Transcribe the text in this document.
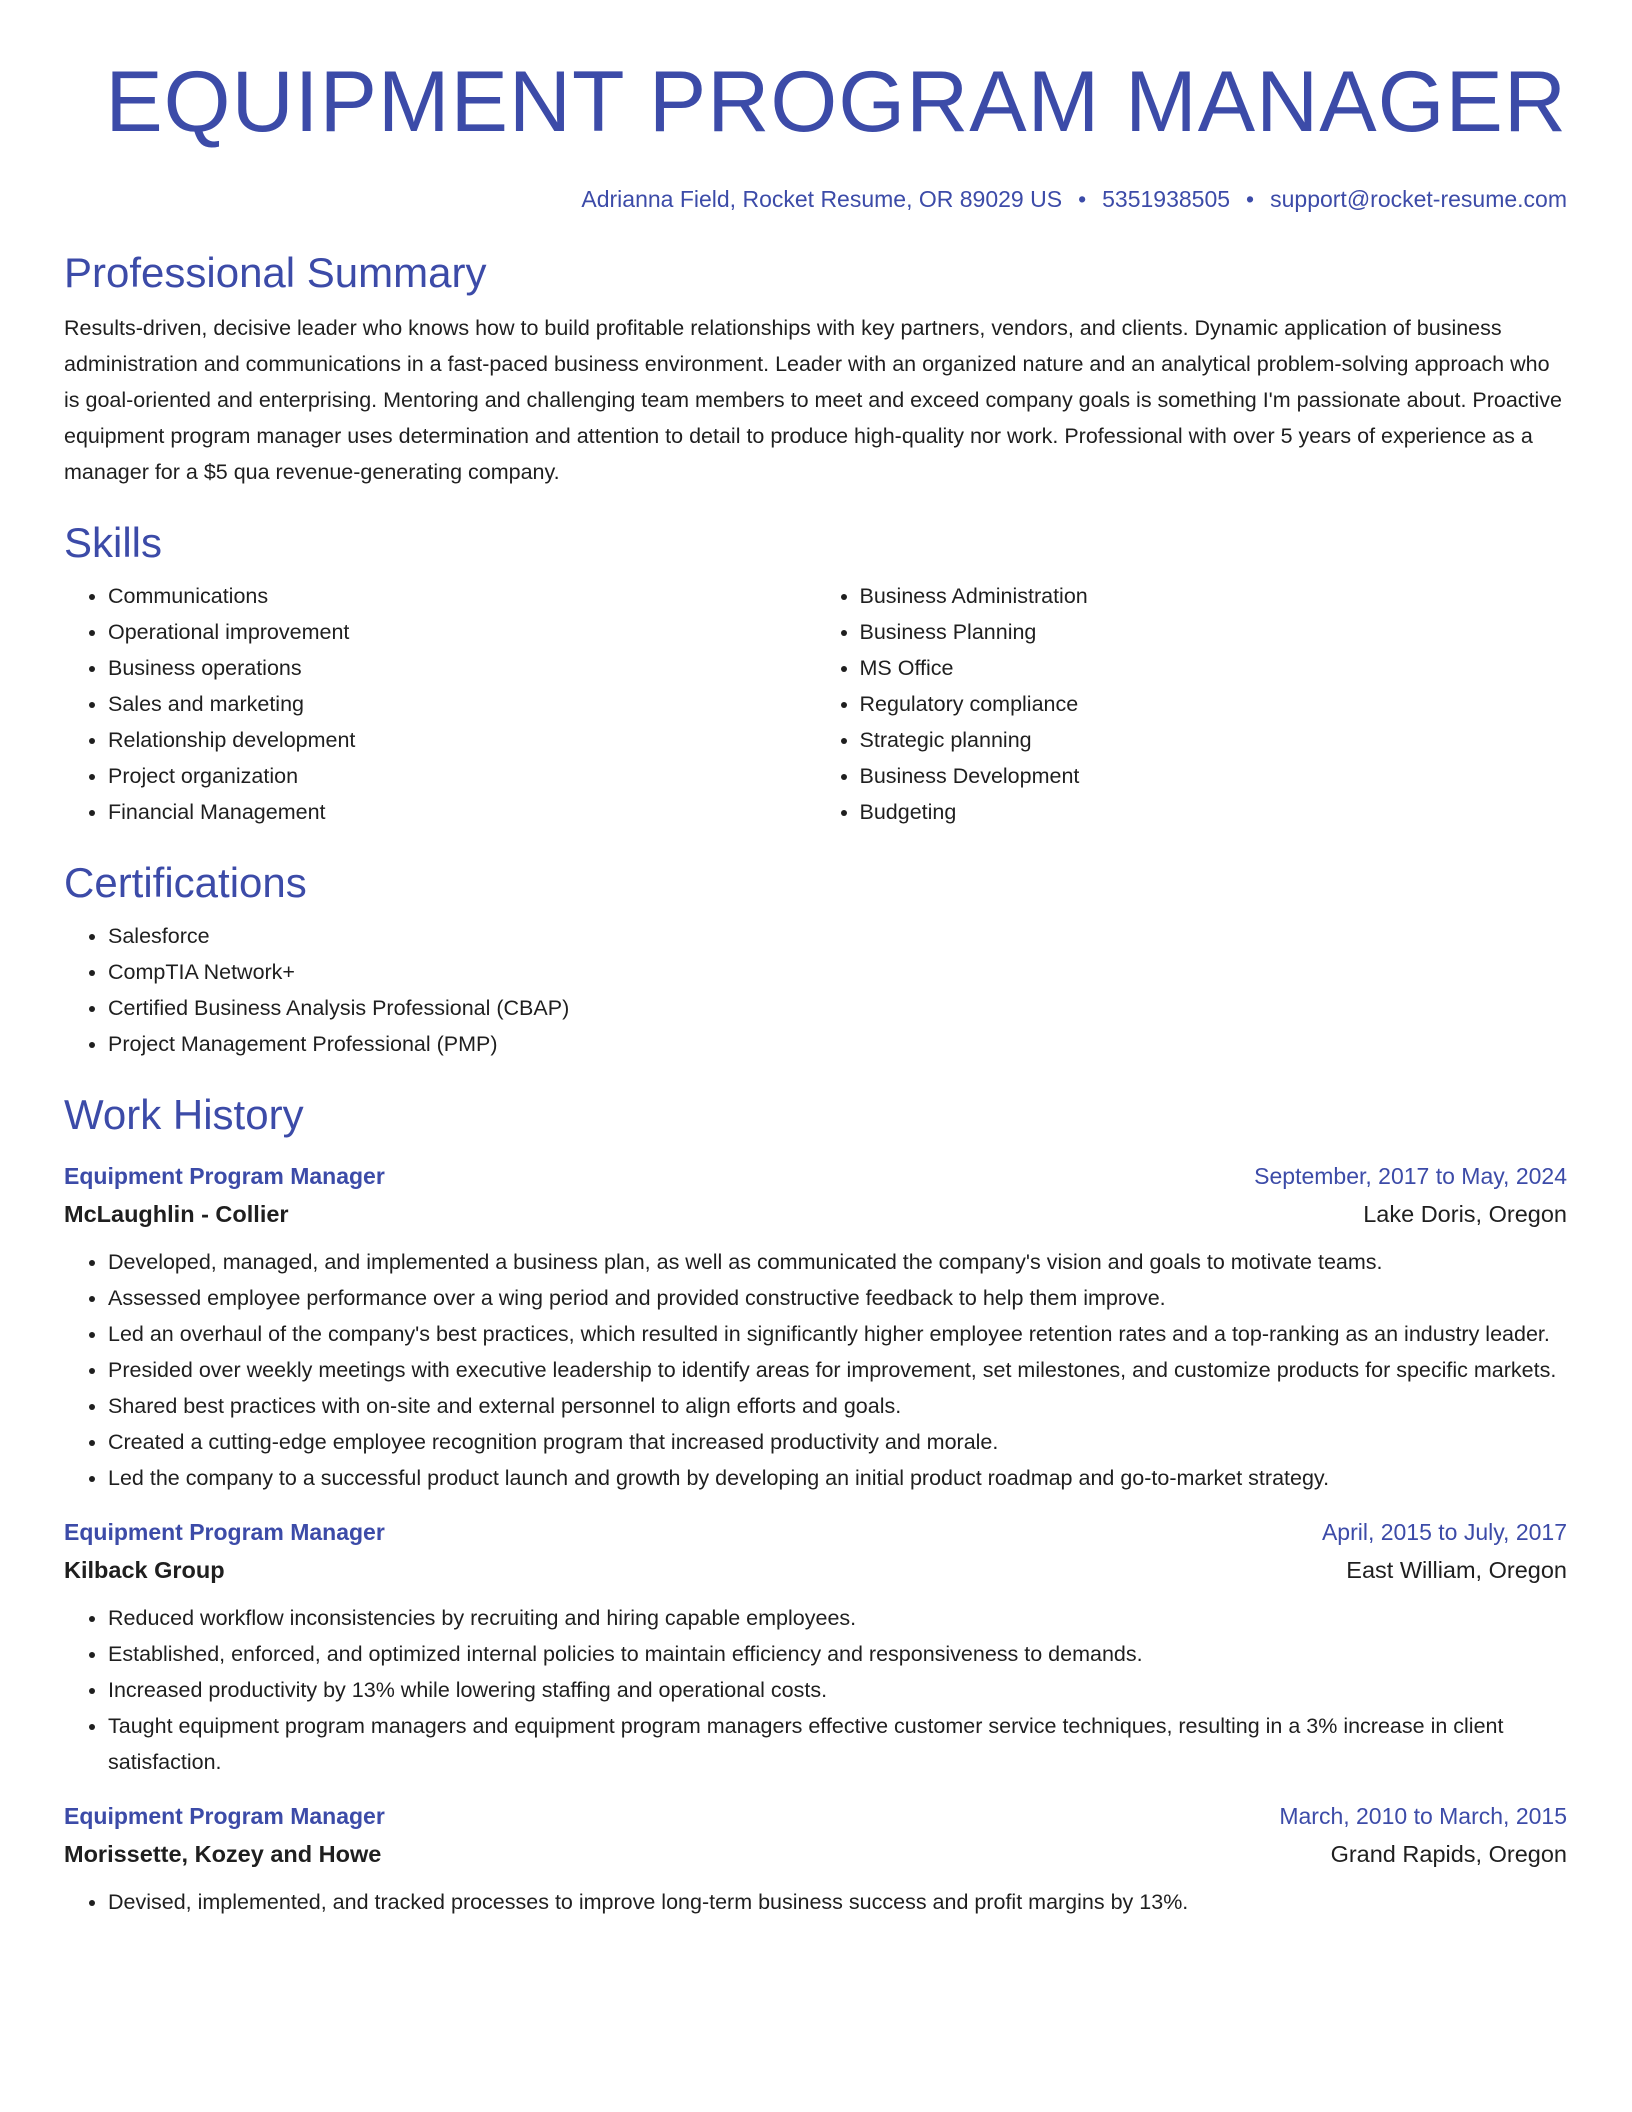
EQUIPMENT PROGRAM MANAGER
Adrianna Field, Rocket Resume, OR 89029 US • 5351938505 • support@rocket-resume.com
Professional Summary

Results-driven, decisive leader who knows how to build profitable relationships with key partners, vendors, and clients. Dynamic application of business administration and communications in a fast-paced business environment. Leader with an organized nature and an analytical problem-solving approach who is goal-oriented and enterprising. Mentoring and challenging team members to meet and exceed company goals is something I'm passionate about. Proactive equipment program manager uses determination and attention to detail to produce high-quality nor work. Professional with over 5 years of experience as a manager for a $5 qua revenue-generating company.

Skills
• Communications
• Operational improvement
• Business operations
• Sales and marketing
• Relationship development
• Project organization
• Financial Management
• Business Administration
• Business Planning
• MS Office
• Regulatory compliance
• Strategic planning
• Business Development
• Budgeting
Certifications
• Salesforce
• CompTIA Network+
• Certified Business Analysis Professional (CBAP)
• Project Management Professional (PMP)
Work History
Equipment Program Manager	September, 2017 to May, 2024
McLaughlin - Collier	Lake Doris, Oregon
• Developed, managed, and implemented a business plan, as well as communicated the company's vision and goals to motivate teams.
• Assessed employee performance over a wing period and provided constructive feedback to help them improve.
• Led an overhaul of the company's best practices, which resulted in significantly higher employee retention rates and a top-ranking as an industry leader.
• Presided over weekly meetings with executive leadership to identify areas for improvement, set milestones, and customize products for specific markets.
• Shared best practices with on-site and external personnel to align efforts and goals.
• Created a cutting-edge employee recognition program that increased productivity and morale.
• Led the company to a successful product launch and growth by developing an initial product roadmap and go-to-market strategy.
Equipment Program Manager	April, 2015 to July, 2017
Kilback Group	East William, Oregon
• Reduced workflow inconsistencies by recruiting and hiring capable employees.
• Established, enforced, and optimized internal policies to maintain efficiency and responsiveness to demands.
• Increased productivity by 13% while lowering staffing and operational costs.
• Taught equipment program managers and equipment program managers effective customer service techniques, resulting in a 3% increase in client satisfaction.
Equipment Program Manager	March, 2010 to March, 2015
Morissette, Kozey and Howe	Grand Rapids, Oregon
• Devised, implemented, and tracked processes to improve long-term business success and profit margins by 13%.
